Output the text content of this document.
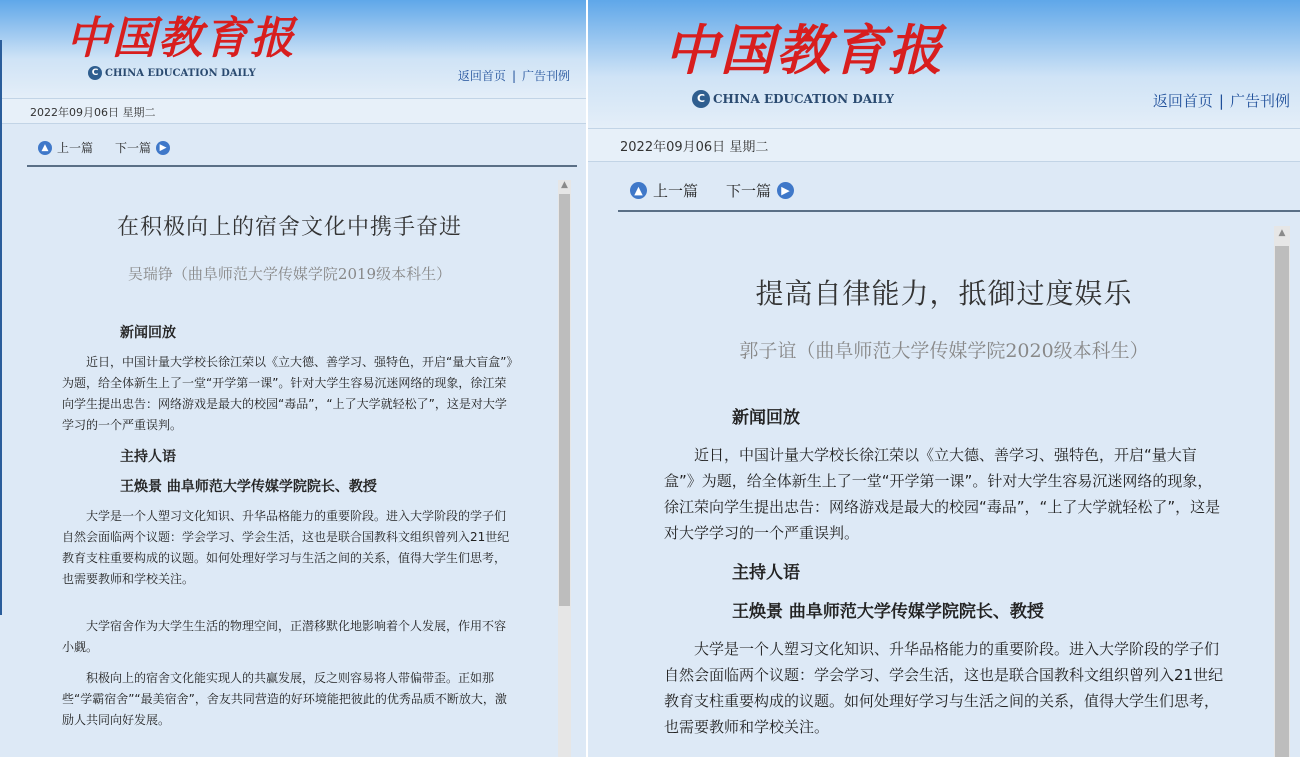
中国教育报
C CHINA EDUCATION DAILY	返回首页 | 广告刊例
2022年09月06日 星期二
▲ 上一篇 下一篇 ▶
在积极向上的宿舍文化中携手奋进
吴瑞铮（曲阜师范大学传媒学院2019级本科生）
新闻回放

近日，中国计量大学校长徐江荣以《立大德、善学习、强特色，开启“量大盲盒”》为题，给全体新生上了一堂“开学第一课”。针对大学生容易沉迷网络的现象，徐江荣向学生提出忠告：网络游戏是最大的校园“毒品”，“上了大学就轻松了”，这是对大学学习的一个严重误判。

主持人语
王焕景 曲阜师范大学传媒学院院长、教授

大学是一个人塑习文化知识、升华品格能力的重要阶段。进入大学阶段的学子们自然会面临两个议题：学会学习、学会生活，这也是联合国教科文组织曾列入21世纪教育支柱重要构成的议题。如何处理好学习与生活之间的关系，值得大学生们思考，也需要教师和学校关注。

大学宿舍作为大学生生活的物理空间，正潜移默化地影响着个人发展，作用不容小觑。

积极向上的宿舍文化能实现人的共赢发展，反之则容易将人带偏带歪。正如那些“学霸宿舍”“最美宿舍”，舍友共同营造的好环境能把彼此的优秀品质不断放大，激励人共同向好发展。

▲
中国教育报
C CHINA EDUCATION DAILY	返回首页 | 广告刊例
2022年09月06日 星期二
▲ 上一篇 下一篇 ▶
提高自律能力，抵御过度娱乐
郭子谊（曲阜师范大学传媒学院2020级本科生）
新闻回放

近日，中国计量大学校长徐江荣以《立大德、善学习、强特色，开启“量大盲盒”》为题，给全体新生上了一堂“开学第一课”。针对大学生容易沉迷网络的现象，徐江荣向学生提出忠告：网络游戏是最大的校园“毒品”，“上了大学就轻松了”，这是对大学学习的一个严重误判。

主持人语
王焕景 曲阜师范大学传媒学院院长、教授

大学是一个人塑习文化知识、升华品格能力的重要阶段。进入大学阶段的学子们自然会面临两个议题：学会学习、学会生活，这也是联合国教科文组织曾列入21世纪教育支柱重要构成的议题。如何处理好学习与生活之间的关系，值得大学生们思考，也需要教师和学校关注。

▲
